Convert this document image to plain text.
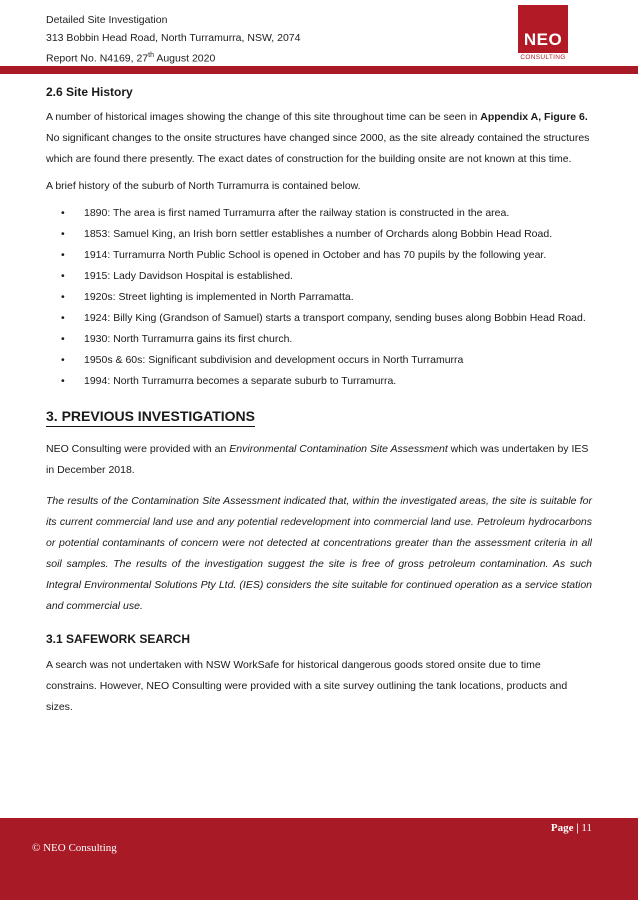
Detailed Site Investigation
313 Bobbin Head Road, North Turramurra, NSW, 2074
Report No. N4169, 27th August 2020
NEO
CONSULTING
2.6 Site History

A number of historical images showing the change of this site throughout time can be seen in Appendix A, Figure 6. No significant changes to the onsite structures have changed since 2000, as the site already contained the structures which are found there presently. The exact dates of construction for the building onsite are not known at this time.

A brief history of the suburb of North Turramurra is contained below.

• 1890: The area is first named Turramurra after the railway station is constructed in the area.
• 1853: Samuel King, an Irish born settler establishes a number of Orchards along Bobbin Head Road.
• 1914: Turramurra North Public School is opened in October and has 70 pupils by the following year.
• 1915: Lady Davidson Hospital is established.
• 1920s: Street lighting is implemented in North Parramatta.
• 1924: Billy King (Grandson of Samuel) starts a transport company, sending buses along Bobbin Head Road.
• 1930: North Turramurra gains its first church.
• 1950s & 60s: Significant subdivision and development occurs in North Turramurra
• 1994: North Turramurra becomes a separate suburb to Turramurra.
3. PREVIOUS INVESTIGATIONS

NEO Consulting were provided with an Environmental Contamination Site Assessment which was undertaken by IES in December 2018.

The results of the Contamination Site Assessment indicated that, within the investigated areas, the site is suitable for its current commercial land use and any potential redevelopment into commercial land use. Petroleum hydrocarbons or potential contaminants of concern were not detected at concentrations greater than the assessment criteria in all soil samples. The results of the investigation suggest the site is free of gross petroleum contamination. As such Integral Environmental Solutions Pty Ltd. (IES) considers the site suitable for continued operation as a service station and commercial use.

3.1 SAFEWORK SEARCH

A search was not undertaken with NSW WorkSafe for historical dangerous goods stored onsite due to time constrains. However, NEO Consulting were provided with a site survey outlining the tank locations, products and sizes.

Page | 11
© NEO Consulting
